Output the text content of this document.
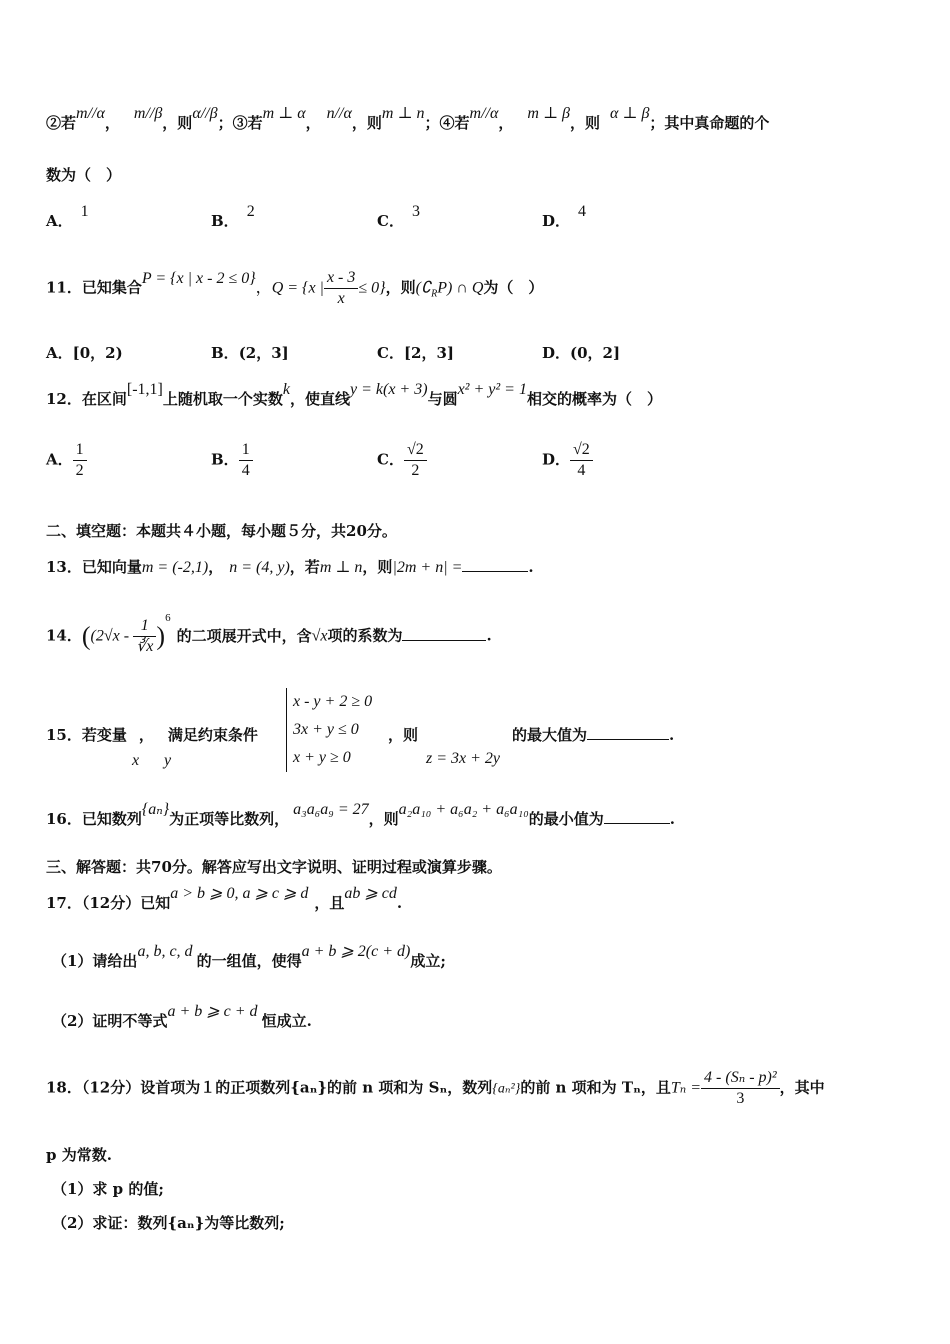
②若m//α，m//β，则α//β；③若m ⊥ α，n//α，则m ⊥ n；④若m//α，m ⊥ β，则α ⊥ β；其中真命题的个
数为（　）
A．1
B．2
C．3
D．4
11．已知集合P = {x | x - 2 ≤ 0}，Q = {x | $\frac{x - 3}{x} \le 0$}，则$(∁_RP)$ ∩ Q为（　）
A．[0，2)	B．(2，3]	C．[2，3]	D．(0，2]
12．在区间[-1,1]上随机取一个实数k，使直线y = k(x + 3)与圆x² + y² = 1相交的概率为（　）
A． $\frac{1}{2}$	B． $\frac{1}{4}$	C． $\frac{√2}{2}$	D． $\frac{√2}{4}$
二、填空题：本题共４小题，每小题５分，共20分。
13．已知向量m = (-2,1)， n = (4, y)，若m ⊥ n，则|2m + n| =	.
14．($(2√x - \frac{1}{∛x} )^6$的二项展开式中，含√x项的系数为	.
15．若变量 ， 满足约束条件
x y
x - y + 2 ≥ 0
3x + y ≤ 0
x + y ≥ 0
，则
z = 3x + 2y
的最大值为	.
16．已知数列{aₙ}为正项等比数列，a₃a₆a₉ = 27，则a₂a₁₀ + a₆a₂ + a₆a₁₀的最小值为	.
三、解答题：共70分。解答应写出文字说明、证明过程或演算步骤。
17．（12分）已知a > b ⩾ 0, a ⩾ c ⩾ d，且ab ⩾ cd.
（1）请给出a, b, c, d的一组值，使得a + b ⩾ 2(c + d)成立;
（2）证明不等式a + b ⩾ c + d恒成立.
18．（12分）设首项为１的正项数列{aₙ}的前 n 项和为 Sₙ，数列{aₙ²}的前 n 项和为 Tₙ，且$T_n = \frac{\text{4 - (Sₙ - p)²}}{3}$ ，其中
p 为常数.
（1）求 p 的值;
（2）求证：数列{aₙ}为等比数列;
